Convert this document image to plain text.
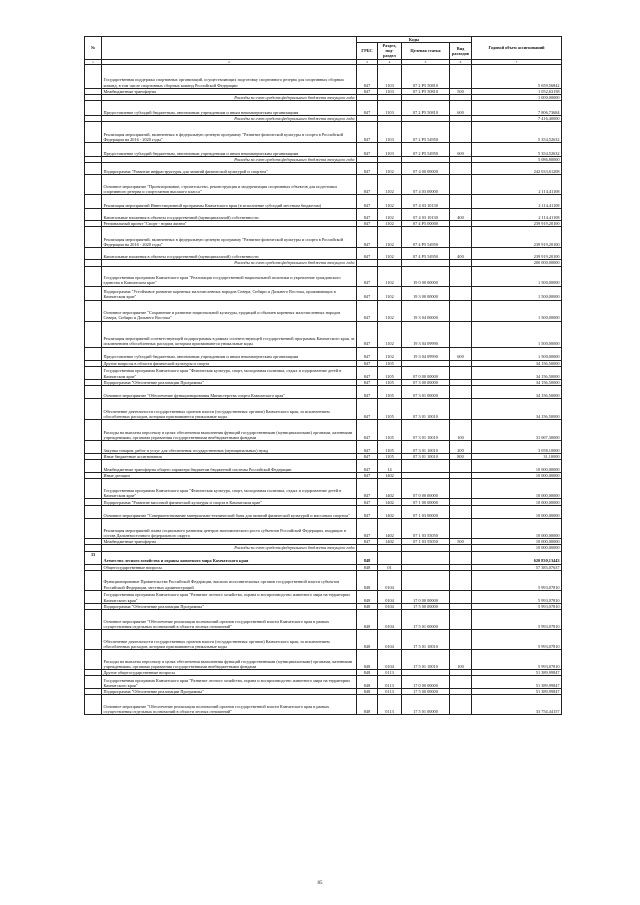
№		Коды				Годовой объем ассигнований
		ГРБС	Раздел, под-раздел	Целевая статья	Вид расходов	
1	2	3	4	5	6	7
	Государственная поддержка спортивных организаций, осуществляющих подготовку спортивного резерва для спортивных сборных команд, в том числе спортивных сборных команд Российской Федерации	847	1103	07 2 P5 50810		5 659,56842
	Межбюджетные трансферты	847	1103	07 2 P5 50810	500	1 052,63158
	Расходы за счет средств федерального бюджета текущего года					1 000,00000
	Предоставление субсидий бюджетным, автономным учреждениям и иным некоммерческим организациям	847	1103	07 2 P5 50810	600	7 806,73684
	Расходы за счет средств федерального бюджета текущего года					7 416,40000
	Реализация мероприятий, включенных в федеральную целевую программу "Развитие физической культуры и спорта в Российской Федерации на 2016 - 2020 годы"	847	1103	07 2 P5 54950		5 354,52632
	Предоставление субсидий бюджетным, автономным учреждениям и иным некоммерческим организациям	847	1103	07 2 P5 54950	600	5 354,52632
	Расходы за счет средств федерального бюджета текущего года					5 086,80000
	Подпрограмма "Развитие инфраструктуры для занятий физической культурой и спортом"	847	1102	07 4 00 00000		242 033,61208
	Основное мероприятие "Проектирование, строительство, реконструкция и модернизация спортивных объектов для подготовки спортивного резерва и спортсменов высокого класса"	847	1102	07 4 03 00000		2 114,41108
	Реализация мероприятий Инвестиционной программы Камчатского края (в исполнение субсидий местным бюджетам)	847	1102	07 4 03 10130		2 114,41108
	Капитальные вложения в объекты государственной (муниципальной) собственности	847	1102	07 4 03 10130	400	2 114,41108
	Региональный проект "Спорт - норма жизни"	847	1102	07 4 P5 00000		239 919,20100
	Реализация мероприятий, включенных в федеральную целевую программу "Развитие физической культуры и спорта в Российской Федерации на 2016 - 2020 годы"	847	1102	07 4 P5 54950		239 919,20100
	Капитальные вложения в объекты государственной (муниципальной) собственности	847	1102	07 4 P5 54950	400	239 919,20100
	Расходы за счет средств федерального бюджета текущего года					200 000,00000
	Государственная программа Камчатского края "Реализация государственной национальной политики и укрепление гражданского единства в Камчатском крае"	847	1102	19 0 00 00000		1 500,00000
	Подпрограмма "Устойчивое развитие коренных малочисленных народов Севера, Сибири и Дальнего Востока, проживающих в Камчатском крае"	847	1102	19 3 00 00000		1 500,00000
	Основное мероприятие "Сохранение и развитие национальной культуры, традиций и обычаев коренных малочисленных народов Севера, Сибири и Дальнего Востока"	847	1102	19 3 04 00000		1 500,00000
	Реализация мероприятий соответствующей подпрограммы в рамках соответствующей государственной программы Камчатского края, за исключением обособленных расходов, которым присваиваются уникальные коды	847	1102	19 3 04 09990		1 500,00000
	Предоставление субсидий бюджетным, автономным учреждениям и иным некоммерческим организациям	847	1102	19 3 04 09990	600	1 500,00000
	Другие вопросы в области физической культуры и спорта	847	1105			34 156,50000
	Государственная программа Камчатского края "Физическая культура, спорт, молодежная политика, отдых и оздоровление детей в Камчатском крае"	847	1105	07 0 00 00000		34 156,50000
	Подпрограмма "Обеспечение реализации Программы"	847	1105	07 3 00 00000		34 156,50000
	Основное мероприятие "Обеспечение функционирования Министерства спорта Камчатского края"	847	1105	07 3 01 00000		34 156,50000
	Обеспечение деятельности государственных органов власти (государственных органов) Камчатского края, за исключением обособленных расходов, которым присваиваются уникальные коды	847	1105	07 3 01 10010		34 156,50000
	Расходы на выплаты персоналу в целях обеспечения выполнения функций государственными (муниципальными) органами, казенными учреждениями, органами управления государственными внебюджетными фондами	847	1105	07 3 01 10010	100	31 067,30000
	Закупка товаров, работ и услуг для обеспечения государственных (муниципальных) нужд	847	1105	07 3 01 10010	200	3 058,10000
	Иные бюджетные ассигнования	847	1105	07 3 01 10010	800	31,10000
	Межбюджетные трансферты общего характера бюджетам бюджетной системы Российской Федерации	847	14			10 000,00000
	Иные дотации	847	1402			10 000,00000
	Государственная программа Камчатского края "Физическая культура, спорт, молодежная политика, отдых и оздоровление детей в Камчатском крае"	847	1402	07 0 00 00000		10 000,00000
	Подпрограмма "Развитие массовой физической культуры и спорта в Камчатском крае"	847	1402	07 1 00 00000		10 000,00000
	Основное мероприятие "Совершенствование материально-технической базы для занятий физической культурой и массовым спортом"	847	1402	07 1 03 00000		10 000,00000
	Реализация мероприятий плана социального развития центров экономического роста субъектов Российской Федерации, входящих в состав Дальневосточного федерального округа	847	1402	07 1 03 55050		10 000,00000
	Межбюджетные трансферты	847	1402	07 1 03 55050	500	10 000,00000
	Расходы за счет средств федерального бюджета текущего года					10 000,00000
33	Агентство лесного хозяйства и охраны животного мира Камчатского края	848				620 830,13443
	Общегосударственные вопросы	848	01			57 383,07637
	Функционирование Правительства Российской Федерации, высших исполнительных органов государственной власти субъектов Российской Федерации, местных администраций	848	0104			5 993,07810
	Государственная программа Камчатского края "Развитие лесного хозяйства, охрана и воспроизводство животного мира на территории Камчатского края"	848	0104	17 0 00 00000		5 993,07810
	Подпрограмма "Обеспечение реализации Программы"	848	0104	17 5 00 00000		5 993,07810
	Основное мероприятие "Обеспечение реализации полномочий органов государственной власти Камчатского края в рамках осуществления отдельных полномочий в области лесных отношений"	848	0104	17 5 01 00000		5 993,07810
	Обеспечение деятельности государственных органов власти (государственных органов) Камчатского края, за исключением обособленных расходов, которым присваиваются уникальные коды	848	0104	17 5 01 10010		5 993,07810
	Расходы на выплаты персоналу в целях обеспечения выполнения функций государственными (муниципальными) органами, казенными учреждениями, органами управления государственными внебюджетными фондами	848	0104	17 5 01 10010	100	5 993,07810
	Другие общегосударственные вопросы	848	0113			51 389,99847
	Государственная программа Камчатского края "Развитие лесного хозяйства, охрана и воспроизводство животного мира на территории Камчатского края"	848	0113	17 0 00 00000		51 389,99847
	Подпрограмма "Обеспечение реализации Программы"	848	0113	17 5 00 00000		51 389,99847
	Основное мероприятие "Обеспечение реализации полномочий органов государственной власти Камчатского края в рамках осуществления отдельных полномочий в области лесных отношений"	848	0113	17 5 01 00000		33 754,44157
85
